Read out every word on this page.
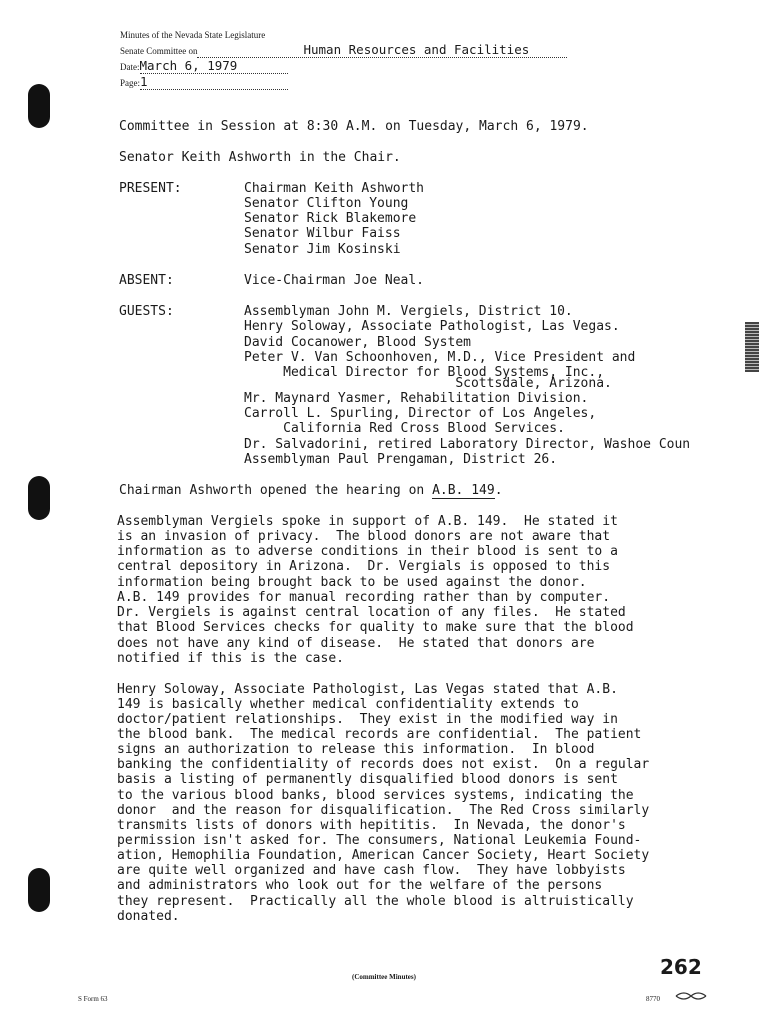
Minutes of the Nevada State Legislature
Senate Committee on	Human Resources and Facilities
Date:March 6, 1979
Page:1
Committee in Session at 8:30 A.M. on Tuesday, March 6, 1979.
Senator Keith Ashworth in the Chair.
PRESENT:	Chairman Keith Ashworth
Senator Clifton Young
Senator Rick Blakemore
Senator Wilbur Faiss
Senator Jim Kosinski
ABSENT:	Vice-Chairman Joe Neal.
GUESTS:	Assemblyman John M. Vergiels, District 10.
Henry Soloway, Associate Pathologist, Las Vegas.
David Cocanower, Blood System
Peter V. Van Schoonhoven, M.D., Vice President and
Medical Director for Blood Systems, Inc.,
Scottsdale, Arizona.
Mr. Maynard Yasmer, Rehabilitation Division.
Carroll L. Spurling, Director of Los Angeles,
California Red Cross Blood Services.
Dr. Salvadorini, retired Laboratory Director, Washoe Coun
Assemblyman Paul Prengaman, District 26.
Chairman Ashworth opened the hearing on A.B. 149.
Assemblyman Vergiels spoke in support of A.B. 149.  He stated it
is an invasion of privacy.  The blood donors are not aware that
information as to adverse conditions in their blood is sent to a
central depository in Arizona.  Dr. Vergials is opposed to this
information being brought back to be used against the donor.
A.B. 149 provides for manual recording rather than by computer.
Dr. Vergiels is against central location of any files.  He stated
that Blood Services checks for quality to make sure that the blood
does not have any kind of disease.  He stated that donors are
notified if this is the case.
Henry Soloway, Associate Pathologist, Las Vegas stated that A.B.
149 is basically whether medical confidentiality extends to
doctor/patient relationships.  They exist in the modified way in
the blood bank.  The medical records are confidential.  The patient
signs an authorization to release this information.  In blood
banking the confidentiality of records does not exist.  On a regular
basis a listing of permanently disqualified blood donors is sent
to the various blood banks, blood services systems, indicating the
donor  and the reason for disqualification.  The Red Cross similarly
transmits lists of donors with hepititis.  In Nevada, the donor's
permission isn't asked for. The consumers, National Leukemia Found-
ation, Hemophilia Foundation, American Cancer Society, Heart Society
are quite well organized and have cash flow.  They have lobbyists
and administrators who look out for the welfare of the persons
they represent.  Practically all the whole blood is altruistically
donated.
(Committee Minutes)	262
S Form 63	8770
